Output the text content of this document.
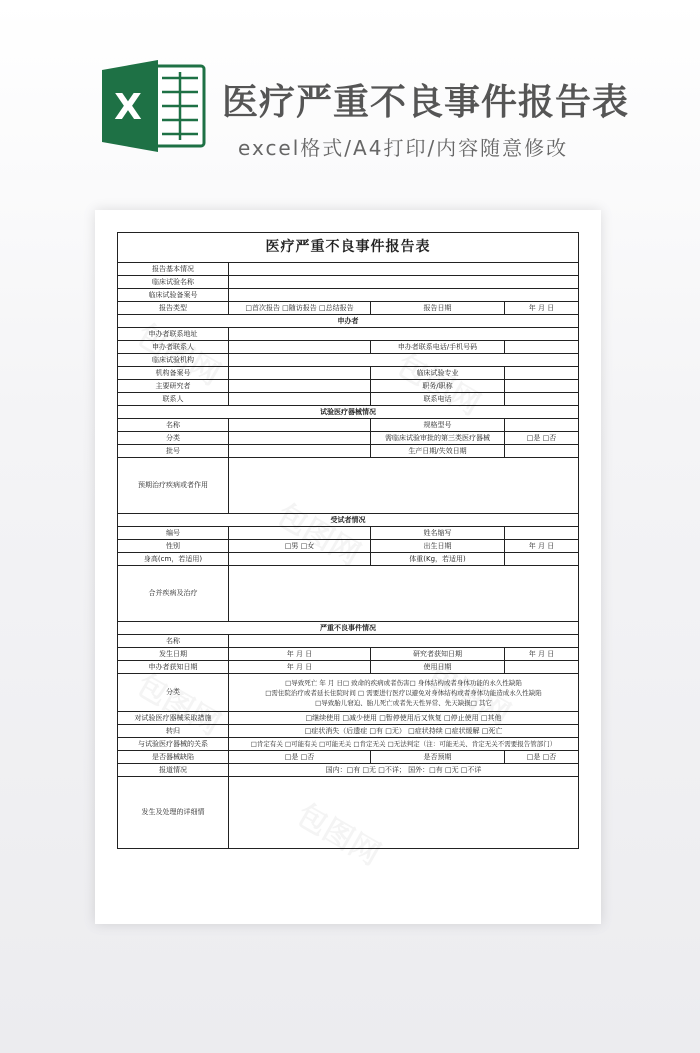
X 医疗严重不良事件报告表
excel格式/A4打印/内容随意修改
医疗严重不良事件报告表			
报告基本情况			
临床试验名称			
临床试验备案号			
报告类型	□首次报告 □随访报告 □总结报告	报告日期	年 月 日
申办者			
申办者联系地址			
申办者联系人		申办者联系电话/手机号码	
临床试验机构			
机构备案号		临床试验专业	
主要研究者		职务/职称	
联系人		联系电话	
试验医疗器械情况			
名称		规格型号	
分类		需临床试验审批的第三类医疗器械	□是 □否
批号		生产日期/失效日期	
预期治疗疾病或者作用			
受试者情况			
编号		姓名缩写	
性别	□男 □女	出生日期	年 月 日
身高(cm，若适用)		体重(Kg，若适用)	
合并疾病及治疗			
严重不良事件情况			
名称			
发生日期	年 月 日	研究者获知日期	年 月 日
申办者获知日期	年 月 日	使用日期	
分类	□导致死亡 年 月 日□ 致命的疾病或者伤害□ 身体结构或者身体功能的永久性缺陷
□需住院治疗或者延长住院时间 □ 需要进行医疗以避免对身体结构或者身体功能造成永久性缺陷
□导致胎儿窘迫、胎儿死亡或者先天性异常、先天缺损□ 其它		

对试验医疗器械采取措施	□继续使用 □减少使用 □暂停使用后又恢复 □停止使用 □其他		
转归	□症状消失（后遗症 □有 □无） □症状持续 □症状缓解 □死亡		
与试验医疗器械的关系	□肯定有关 □可能有关 □可能无关 □肯定无关 □无法判定（注：可能无关、肯定无关不需要报告管部门）		
是否器械缺陷	□是 □否	是否预期	□是 □否
报道情况	国内：□有 □无 □不详； 国外：□有 □无 □不详		
发生及处理的详细情			
